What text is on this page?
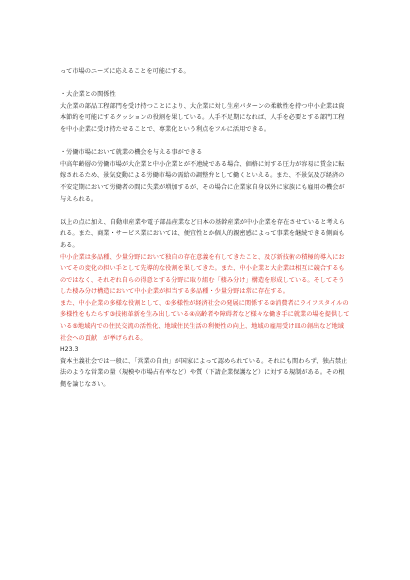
って市場のニーズに応えることを可能にする。

・大企業との関係性

大企業の部品工程部門を受け持つことにより、大企業に対し生産パターンの柔軟性を持つ中小企業は資本節約を可能にするクッションの役割を果している。人手不足期になれば、人手を必要とする部門工程を中小企業に受け持たせることで、専業化という利点をフルに活用できる。

・労働市場において就業の機会を与える事ができる

中高年齢層の労働市場が大企業と中小企業とが不連続である場合、価格に対する圧力が容易に賃金に転嫁されるため、景気変動による労働市場の需給の調整弁として働くといえる。また、不景気及び経済の不安定期において労働者の間に失業が増加するが、その場合に企業家自身以外に家族にも雇用の機会が与えられる。

以上の点に加え、自動車産業や電子部品産業など日本の基幹産業が中小企業を存在させていると考えられる。また、商業・サービス業においては、便宜性とか個人的親密感によって事業を継続できる側面もある。

中小企業は多品種、少量分野において独自の存在意義を有してきたこと、及び新技術の積極的導入においてその変化の担い手として先導的な役割を果してきた。また、中小企業と大企業は相互に競合するものではなく、それぞれ自らの得意とする分野に取り組む「棲み分け」構造を形成している。そしてそうした棲み分け構造において中小企業が担当する多品種・少量分野は常に存在する。

また、中小企業の多様な役割として、①多様性が経済社会の発展に関係する②消費者にライフスタイルの多様性をもたらす③技術革新を生み出している④高齢者や障碍者など様々な働き手に就業の場を提供している⑤地域内での住民交流の活性化、地域住民生活の利便性の向上、地域の雇用受け皿の創出など地域社会への貢献　が挙げられる。

H23.3

資本主義社会では一般に、「営業の自由」が国家によって認められている。それにも関わらず、独占禁止法のような営業の量（規模や市場占有率など）や質（下請企業保護など）に対する規制がある。その根拠を論じなさい。
